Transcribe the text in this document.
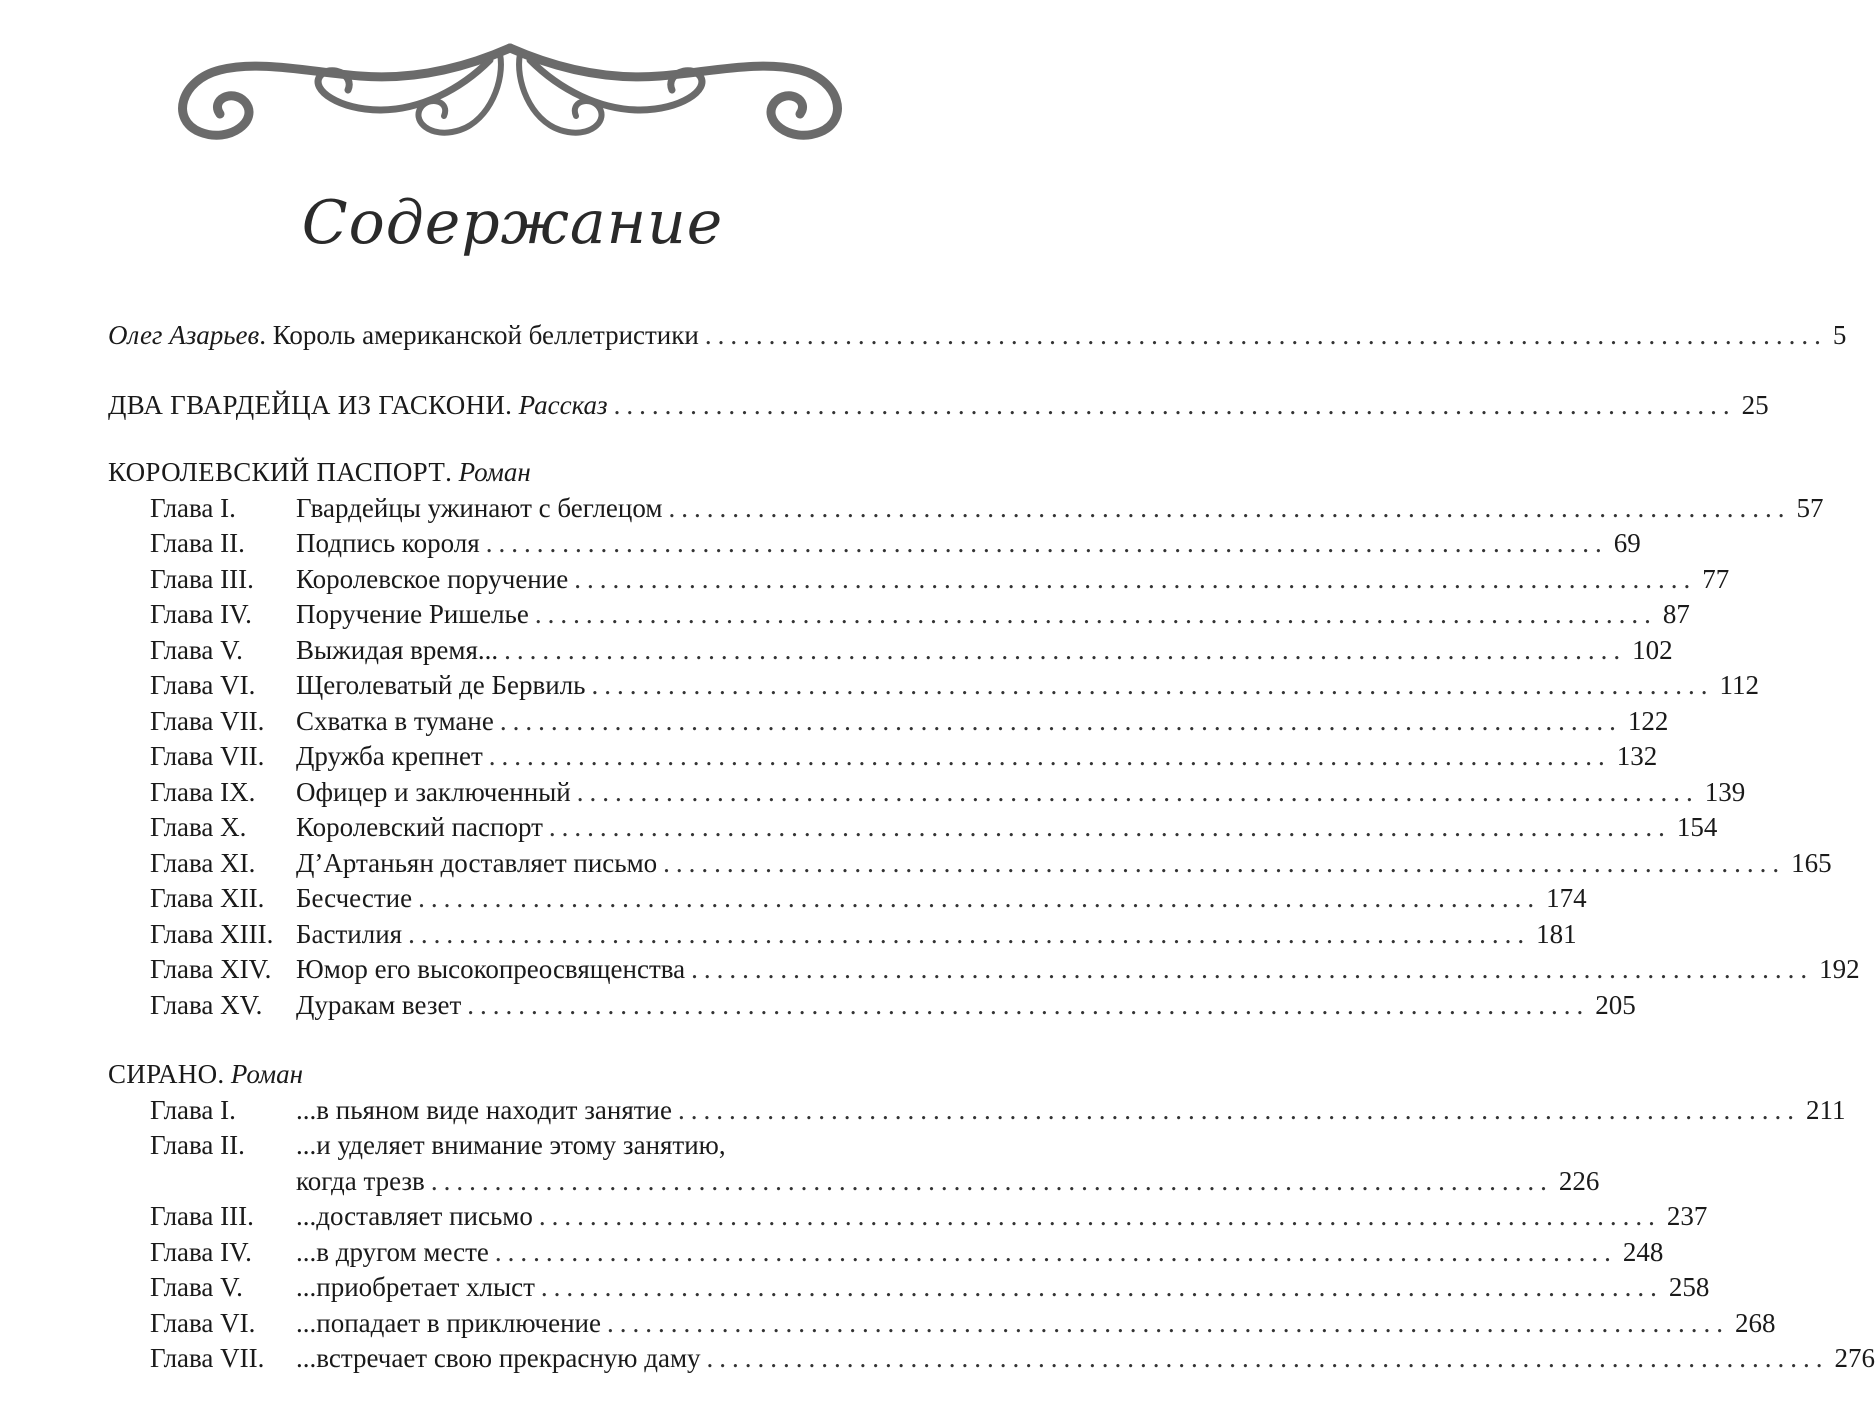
Содержание
Олег Азарьев. Король американской беллетристики ........................................................................................ 5
ДВА ГВАРДЕЙЦА ИЗ ГАСКОНИ. Рассказ ........................................................................................ 25
КОРОЛЕВСКИЙ ПАСПОРТ. Роман
Глава I.	Гвардейцы ужинают с беглецом ........................................................................................ 57
Глава II.	Подпись короля ........................................................................................ 69
Глава III.	Королевское поручение ........................................................................................ 77
Глава IV.	Поручение Ришелье ........................................................................................ 87
Глава V.	Выжидая время... ........................................................................................ 102
Глава VI.	Щеголеватый де Бервиль ........................................................................................ 112
Глава VII.	Схватка в тумане ........................................................................................ 122
Глава VII.	Дружба крепнет ........................................................................................ 132
Глава IX.	Офицер и заключенный ........................................................................................ 139
Глава X.	Королевский паспорт ........................................................................................ 154
Глава XI.	Д’Артаньян доставляет письмо ........................................................................................ 165
Глава XII.	Бесчестие ........................................................................................ 174
Глава XIII. Бастилия ........................................................................................ 181
Глава XIV. Юмор его высокопреосвященства ........................................................................................ 192
Глава XV.	Дуракам везет ........................................................................................ 205
СИРАНО. Роман
Глава I.	...в пьяном виде находит занятие ........................................................................................ 211
Глава II.	...и уделяет внимание этому занятию,
когда трезв ........................................................................................ 226
Глава III.	...доставляет письмо ........................................................................................ 237
Глава IV.	...в другом месте ........................................................................................ 248
Глава V.	...приобретает хлыст ........................................................................................ 258
Глава VI.	...попадает в приключение ........................................................................................ 268
Глава VII.	...встречает свою прекрасную даму ........................................................................................ 276
